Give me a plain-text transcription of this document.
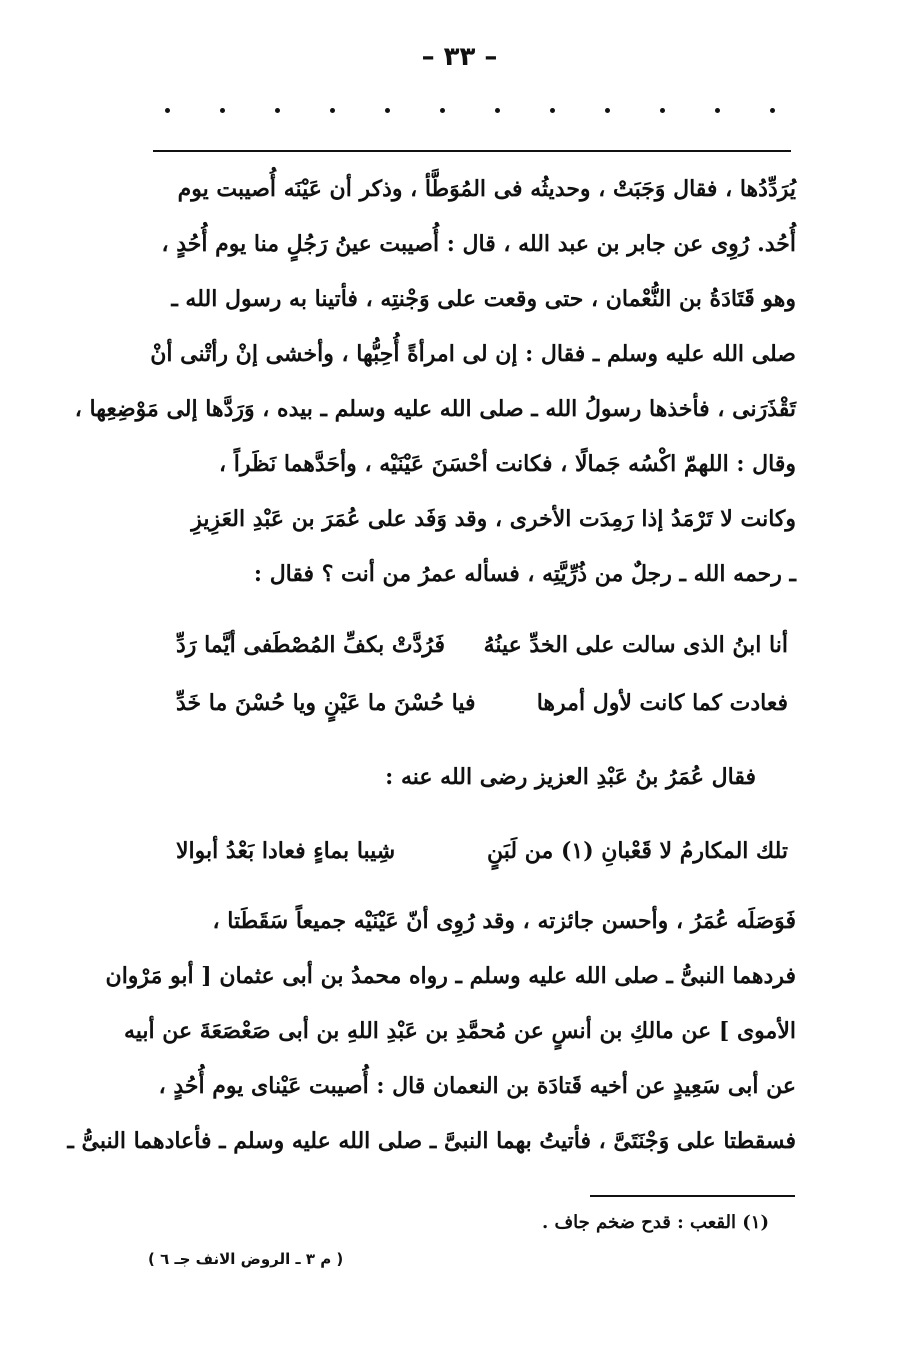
– ٣٣ –
يُرَدِّدُها ، فقال وَجَبَتْ ، وحديثُه فى المُوَطَّأ ، وذكر أن عَيْنَه أُصيبت يوم
أُحُد. رُوِى عن جابر بن عبد الله ، قال : أُصيبت عينُ رَجُلٍ منا يوم أُحُدٍ ،
وهو قَتَادَةُ بن النُّعْمان ، حتى وقعت على وَجْنتِه ، فأتينا به رسول الله ـ
صلى الله عليه وسلم ـ فقال : إن لى امرأةً أُحِبُّها ، وأخشى إنْ رأتْنى أنْ
تَقْذَرَنى ، فأخذها رسولُ الله ـ صلى الله عليه وسلم ـ بيده ، وَرَدَّها إلى مَوْضِعِها ،
وقال : اللهمّ اكْسُه جَمالًا ، فكانت أحْسَنَ عَيْنَيْه ، وأحَدَّهما نَظَراً ،
وكانت لا تَرْمَدُ إذا رَمِدَت الأخرى ، وقد وَفَد على عُمَرَ بن عَبْدِ العَزِيزِ
ـ رحمه الله ـ رجلٌ من ذُرِّيَّتِه ، فسأله عمرُ من أنت ؟ فقال :
أنا ابنُ الذى سالت على الخدِّ عينُهُ
فَرُدَّتْ بكفِّ المُصْطَفى أيَّما رَدِّ
فعادت كما كانت لأول أمرها
فيا حُسْنَ ما عَيْنٍ ويا حُسْنَ ما خَدِّ
فقال عُمَرُ بنُ عَبْدِ العزيز رضى الله عنه :
تلك المكارمُ لا قَعْبانِ (١) من لَبَنٍ
شِيبا بماءٍ فعادا بَعْدُ أبوالا
فَوَصَلَه عُمَرُ ، وأحسن جائزته ، وقد رُوِى أنّ عَيْنَيْه جميعاً سَقَطَتا ،
فردهما النبىُّ ـ صلى الله عليه وسلم ـ رواه محمدُ بن أبى عثمان [ أبو مَرْوان
الأموى ] عن مالكِ بن أنسٍ عن مُحمَّدِ بن عَبْدِ اللهِ بن أبى صَعْصَعَةَ عن أبيه
عن أبى سَعِيدٍ عن أخيه قَتادَة بن النعمان قال : أُصيبت عَيْناى يوم أُحُدٍ ،
فسقطتا على وَجْنَتَىَّ ، فأتيتُ بهما النبىَّ ـ صلى الله عليه وسلم ـ فأعادهما النبىُّ ـ
(١) القعب : قدح ضخم جاف .
( م ٣ ـ الروض الانف جـ ٦ )
